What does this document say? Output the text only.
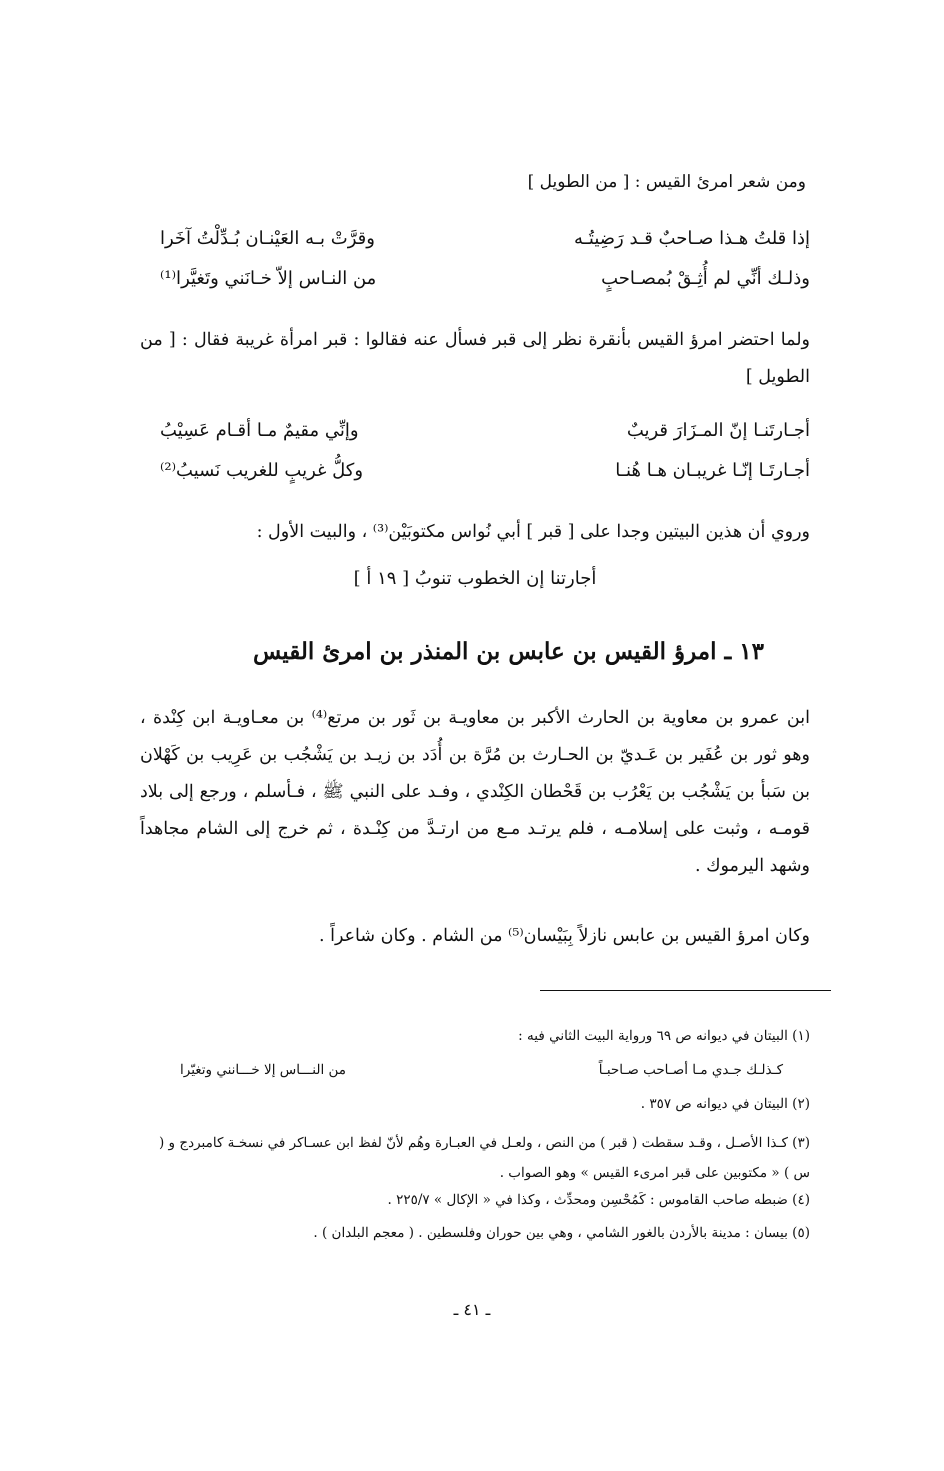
ومن شعر امرئ القيس : [ من الطويل ]
إذا قلتُ هـذا صـاحبٌ قـد رَضِيتُـه
وقرَّتْ بـه العَيْنـان بُـدِّلْتُ آخَرا
وذلـك أنِّي لم أُثِـقْ بُمصـاحبٍ
من النـاس إلاّ خـانَني وتَغيَّرا⁽¹⁾
ولما احتضر امرؤ القيس بأنقرة نظر إلى قبر فسأل عنه فقالوا : قبر امرأة غريبة فقال : [ من الطويل ]
أجـارتَنـا إنّ المـزَارَ قريبٌ
وإنِّي مقيمٌ مـا أقـام عَسِيْبُ
أجـارتَـا إنّـا غريبـان هـا هُنـا
وكلُّ غريبٍ للغريب نَسيبُ⁽²⁾
وروي أن هذين البيتين وجدا على [ قبر ] أبي نُواس مكتوبَيْن⁽³⁾ ، والبيت الأول :
أجارتنا إن الخطوب تنوبُ [ ١٩ أ ]
١٣ ـ امرؤ القيس بن عابس بن المنذر بن امرئ القيس
ابن عمرو بن معاوية بن الحارث الأكبر بن معاويـة بن ثَور بن مرتع⁽⁴⁾ بن معـاويـة ابن كِنْدة ، وهو ثور بن عُفَير بن عَـديّ بن الحـارث بن مُرَّة بن أُدَد بن زيـد بن يَشْجُب بن عَرِيب بن كَهْلان بن سَبأ بن يَشْجُب بن يَعْرُب بن قَحْطان الكِنْدي ، وفـد على النبي ﷺ ، فـأسلم ، ورجع إلى بلاد قومـه ، وثبت على إسلامـه ، فلم يرتـد مـع من ارتـدَّ من كِنْـدة ، ثم خرج إلى الشام مجاهداً وشهد اليرموك .
وكان امرؤ القيس بن عابس نازلاً بِبَيْسان⁽⁵⁾ من الشام . وكان شاعراً .
(١) البيتان في ديوانه ص ٦٩ ورواية البيت الثاني فيه :
كـذلـك جـدي مـا أصـاحب صـاحبـاً
من النـــاس إلا خـــانني وتغيّرا
(٢) البيتان في ديوانه ص ٣٥٧ .
(٣) كـذا الأصـل ، وقـد سقطت ( قبر ) من النص ، ولعـل في العبـارة وهُم لأنّ لفظ ابن عسـاكر في نسخـة كامبردج و ( س ) « مكتوبين على قبر امرىء القيس » وهو الصواب .
(٤) ضبطه صاحب القاموس : كَمُحْسِن ومحدِّث ، وكذا في « الإكال » ٢٢٥/٧ .
(٥) بيسان : مدينة بالأردن بالغور الشامي ، وهي بين حوران وفلسطين . ( معجم البلدان ) .
ـ ٤١ ـ
